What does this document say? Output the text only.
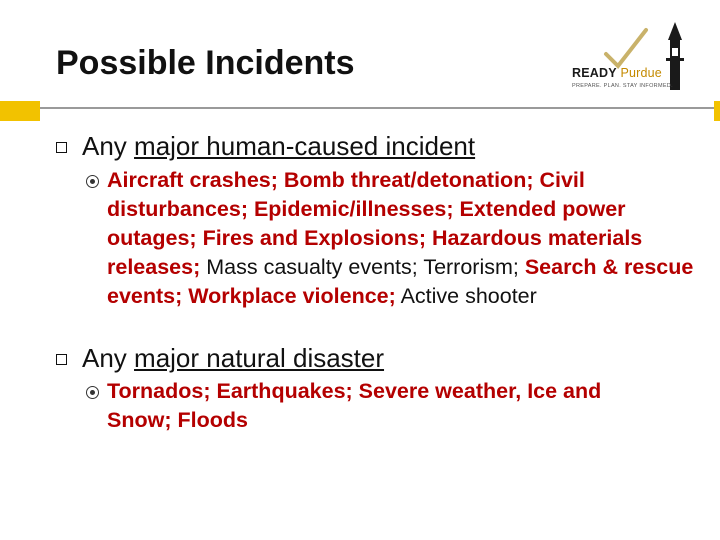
Possible Incidents	READY Purdue
PREPARE. PLAN. STAY INFORMED.
Any major human-caused incident
Aircraft crashes; Bomb threat/detonation; Civil disturbances; Epidemic/illnesses; Extended power outages; Fires and Explosions; Hazardous materials releases; Mass casualty events; Terrorism; Search & rescue events; Workplace violence; Active shooter
Any major natural disaster
Tornados; Earthquakes; Severe weather, Ice and Snow; Floods
